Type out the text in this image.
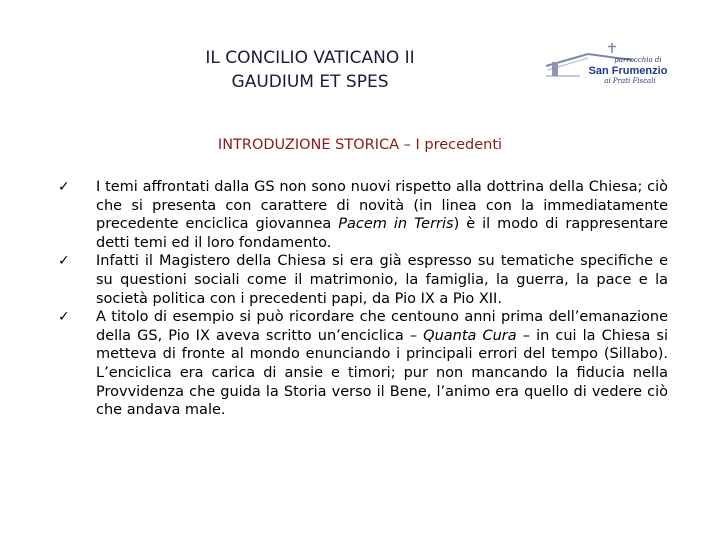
IL CONCILIO VATICANO II
GAUDIUM ET SPES
parrocchia di
San Frumenzio
ai Prati Fiscali
INTRODUZIONE STORICA – I precedenti
✓ I temi affrontati dalla GS non sono nuovi rispetto alla dottrina della Chiesa; ciò che si presenta con carattere di novità (in linea con la immediatamente precedente enciclica giovannea Pacem in Terris) è il modo di rappresentare detti temi ed il loro fondamento.
✓ Infatti il Magistero della Chiesa si era già espresso su tematiche specifiche e su questioni sociali come il matrimonio, la famiglia, la guerra, la pace e la società politica con i precedenti papi, da Pio IX a Pio XII.
✓ A titolo di esempio si può ricordare che centouno anni prima dell’emanazione della GS, Pio IX aveva scritto un’enciclica – Quanta Cura – in cui la Chiesa si metteva di fronte al mondo enunciando i principali errori del tempo (Sillabo). L’enciclica era carica di ansie e timori; pur non mancando la fiducia nella Provvidenza che guida la Storia verso il Bene, l’animo era quello di vedere ciò che andava male.
